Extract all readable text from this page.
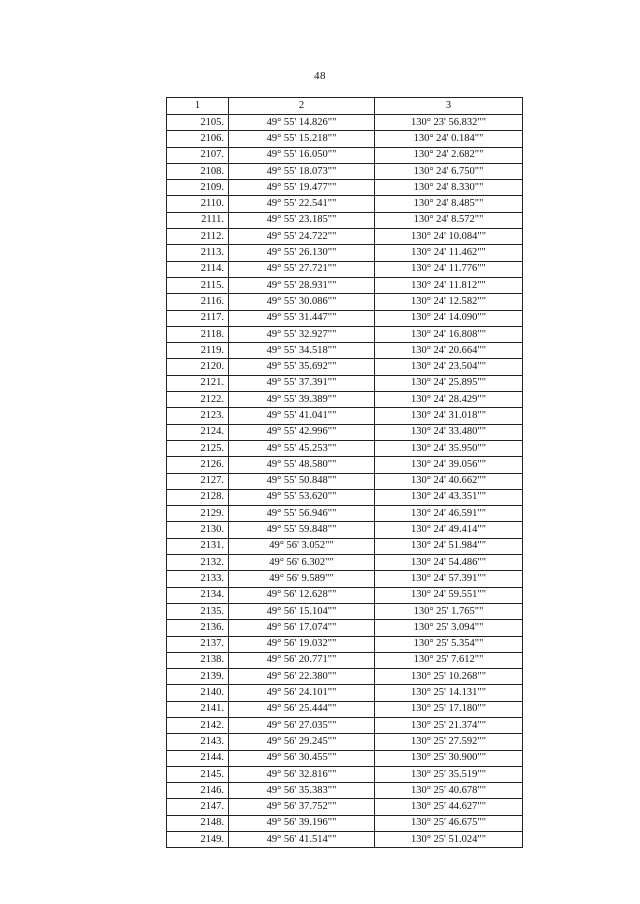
48
1	2	3
2105.	49° 55' 14.826""	130° 23' 56.832""
2106.	49° 55' 15.218""	130° 24' 0.184""
2107.	49° 55' 16.050""	130° 24' 2.682""
2108.	49° 55' 18.073""	130° 24' 6.750""
2109.	49° 55' 19.477""	130° 24' 8.330""
2110.	49° 55' 22.541""	130° 24' 8.485""
2111.	49° 55' 23.185""	130° 24' 8.572""
2112.	49° 55' 24.722""	130° 24' 10.084""
2113.	49° 55' 26.130""	130° 24' 11.462""
2114.	49° 55' 27.721""	130° 24' 11.776""
2115.	49° 55' 28.931""	130° 24' 11.812""
2116.	49° 55' 30.086""	130° 24' 12.582""
2117.	49° 55' 31.447""	130° 24' 14.090""
2118.	49° 55' 32.927""	130° 24' 16.808""
2119.	49° 55' 34.518""	130° 24' 20.664""
2120.	49° 55' 35.692""	130° 24' 23.504""
2121.	49° 55' 37.391""	130° 24' 25.895""
2122.	49° 55' 39.389""	130° 24' 28.429""
2123.	49° 55' 41.041""	130° 24' 31.018""
2124.	49° 55' 42.996""	130° 24' 33.480""
2125.	49° 55' 45.253""	130° 24' 35.950""
2126.	49° 55' 48.580""	130° 24' 39.056""
2127.	49° 55' 50.848""	130° 24' 40.662""
2128.	49° 55' 53.620""	130° 24' 43.351""
2129.	49° 55' 56.946""	130° 24' 46.591""
2130.	49° 55' 59.848""	130° 24' 49.414""
2131.	49° 56' 3.052""	130° 24' 51.984""
2132.	49° 56' 6.302""	130° 24' 54.486""
2133.	49° 56' 9.589""	130° 24' 57.391""
2134.	49° 56' 12.628""	130° 24' 59.551""
2135.	49° 56' 15.104""	130° 25' 1.765""
2136.	49° 56' 17.074""	130° 25' 3.094""
2137.	49° 56' 19.032""	130° 25' 5.354""
2138.	49° 56' 20.771""	130° 25' 7.612""
2139.	49° 56' 22.380""	130° 25' 10.268""
2140.	49° 56' 24.101""	130° 25' 14.131""
2141.	49° 56' 25.444""	130° 25' 17.180""
2142.	49° 56' 27.035""	130° 25' 21.374""
2143.	49° 56' 29.245""	130° 25' 27.592""
2144.	49° 56' 30.455""	130° 25' 30.900""
2145.	49° 56' 32.816""	130° 25' 35.519""
2146.	49° 56' 35.383""	130° 25' 40.678""
2147.	49° 56' 37.752""	130° 25' 44.627""
2148.	49° 56' 39.196""	130° 25' 46.675""
2149.	49° 56' 41.514""	130° 25' 51.024""
